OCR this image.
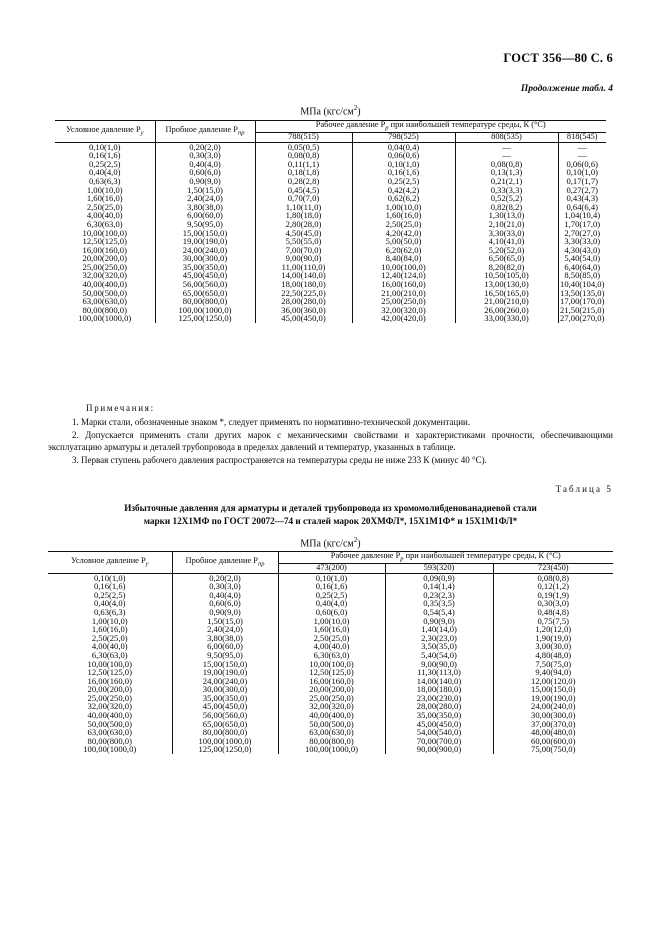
ГОСТ 356—80 С. 6
Продолжение табл. 4
МПа $(кгс/см^2)$
Условное давление $P_у$	Пробное давление $P_{пр}$	Рабочее давление $P_р$ при наибольшей температуре среды, К (°С)			
		788(515)	798(525)	808(535)	818(545)
0,10(1,0)	0,20(2,0)	0,05(0,5)	0,04(0,4)	—	—
0,16(1,6)	0,30(3,0)	0,08(0,8)	0,06(0,6)	—	—
0,25(2,5)	0,40(4,0)	0,11(1,1)	0,10(1,0)	0,08(0,8)	0,06(0,6)
0,40(4,0)	0,60(6,0)	0,18(1,8)	0,16(1,6)	0,13(1,3)	0,10(1,0)
0,63(6,3)	0,90(9,0)	0,28(2,8)	0,25(2,5)	0,21(2,1)	0,17(1,7)
1,00(10,0)	1,50(15,0)	0,45(4,5)	0,42(4,2)	0,33(3,3)	0,27(2,7)
1,60(16,0)	2,40(24,0)	0,70(7,0)	0,62(6,2)	0,52(5,2)	0,43(4,3)
2,50(25,0)	3,80(38,0)	1,10(11,0)	1,00(10,0)	0,82(8,2)	0,64(6,4)
4,00(40,0)	6,00(60,0)	1,80(18,0)	1,60(16,0)	1,30(13,0)	1,04(10,4)
6,30(63,0)	9,50(95,0)	2,80(28,0)	2,50(25,0)	2,10(21,0)	1,70(17,0)
10,00(100,0)	15,00(150,0)	4,50(45,0)	4,20(42,0)	3,30(33,0)	2,70(27,0)
12,50(125,0)	19,00(190,0)	5,50(55,0)	5,00(50,0)	4,10(41,0)	3,30(33,0)
16,00(160,0)	24,00(240,0)	7,00(70,0)	6,20(62,0)	5,20(52,0)	4,30(43,0)
20,00(200,0)	30,00(300,0)	9,00(90,0)	8,40(84,0)	6,50(65,0)	5,40(54,0)
25,00(250,0)	35,00(350,0)	11,00(110,0)	10,00(100,0)	8,20(82,0)	6,40(64,0)
32,00(320,0)	45,00(450,0)	14,00(140,0)	12,40(124,0)	10,50(105,0)	8,50(85,0)
40,00(400,0)	56,00(560,0)	18,00(180,0)	16,00(160,0)	13,00(130,0)	10,40(104,0)
50,00(500,0)	65,00(650,0)	22,50(225,0)	21,00(210,0)	16,50(165,0)	13,50(135,0)
63,00(630,0)	80,00(800,0)	28,00(280,0)	25,00(250,0)	21,00(210,0)	17,00(170,0)
80,00(800,0)	100,00(1000,0)	36,00(360,0)	32,00(320,0)	26,00(260,0)	21,50(215,0)
100,00(1000,0)	125,00(1250,0)	45,00(450,0)	42,00(420,0)	33,00(330,0)	27,00(270,0)
Примечания:

1. Марки стали, обозначенные знаком *, следует применять по нормативно-технической документации.

2. Допускается применять стали других марок с механическими свойствами и характеристиками прочности, обеспечивающими эксплуатацию арматуры и деталей трубопровода в пределах давлений и температур, указанных в таблице.

3. Первая ступень рабочего давления распространяется на температуры среды не ниже 233 К (минус 40 °С).

Таблица 5
Избыточные давления для арматуры и деталей трубопровода из хромомолибденованадиевой стали
марки 12Х1МФ по ГОСТ 20072—74 и сталей марок 20ХМФЛ*, 15Х1М1Ф* и 15Х1М1ФЛ*
МПа $(кгс/см^2)$
Условное давление $P_у$	Пробное давление $P_{пр}$	Рабочее давление $P_р$ при наибольшей температуре среды, К (°С)		
		473(200)	593(320)	723(450)
0,10(1,0)	0,20(2,0)	0,10(1,0)	0,09(0,9)	0,08(0,8)
0,16(1,6)	0,30(3,0)	0,16(1,6)	0,14(1,4)	0,12(1,2)
0,25(2,5)	0,40(4,0)	0,25(2,5)	0,23(2,3)	0,19(1,9)
0,40(4,0)	0,60(6,0)	0,40(4,0)	0,35(3,5)	0,30(3,0)
0,63(6,3)	0,90(9,0)	0,60(6,0)	0,54(5,4)	0,48(4,8)
1,00(10,0)	1,50(15,0)	1,00(10,0)	0,90(9,0)	0,75(7,5)
1,60(16,0)	2,40(24,0)	1,60(16,0)	1,40(14,0)	1,20(12,0)
2,50(25,0)	3,80(38,0)	2,50(25,0)	2,30(23,0)	1,90(19,0)
4,00(40,0)	6,00(60,0)	4,00(40,0)	3,50(35,0)	3,00(30,0)
6,30(63,0)	9,50(95,0)	6,30(63,0)	5,40(54,0)	4,80(48,0)
10,00(100,0)	15,00(150,0)	10,00(100,0)	9,00(90,0)	7,50(75,0)
12,50(125,0)	19,00(190,0)	12,50(125,0)	11,30(113,0)	9,40(94,0)
16,00(160,0)	24,00(240,0)	16,00(160,0)	14,00(140,0)	12,00(120,0)
20,00(200,0)	30,00(300,0)	20,00(200,0)	18,00(180,0)	15,00(150,0)
25,00(250,0)	35,00(350,0)	25,00(250,0)	23,00(230,0)	19,00(190,0)
32,00(320,0)	45,00(450,0)	32,00(320,0)	28,00(280,0)	24,00(240,0)
40,00(400,0)	56,00(560,0)	40,00(400,0)	35,00(350,0)	30,00(300,0)
50,00(500,0)	65,00(650,0)	50,00(500,0)	45,00(450,0)	37,00(370,0)
63,00(630,0)	80,00(800,0)	63,00(630,0)	54,00(540,0)	48,00(480,0)
80,00(800,0)	100,00(1000,0)	80,00(800,0)	70,00(700,0)	60,00(600,0)
100,00(1000,0)	125,00(1250,0)	100,00(1000,0)	90,00(900,0)	75,00(750,0)
